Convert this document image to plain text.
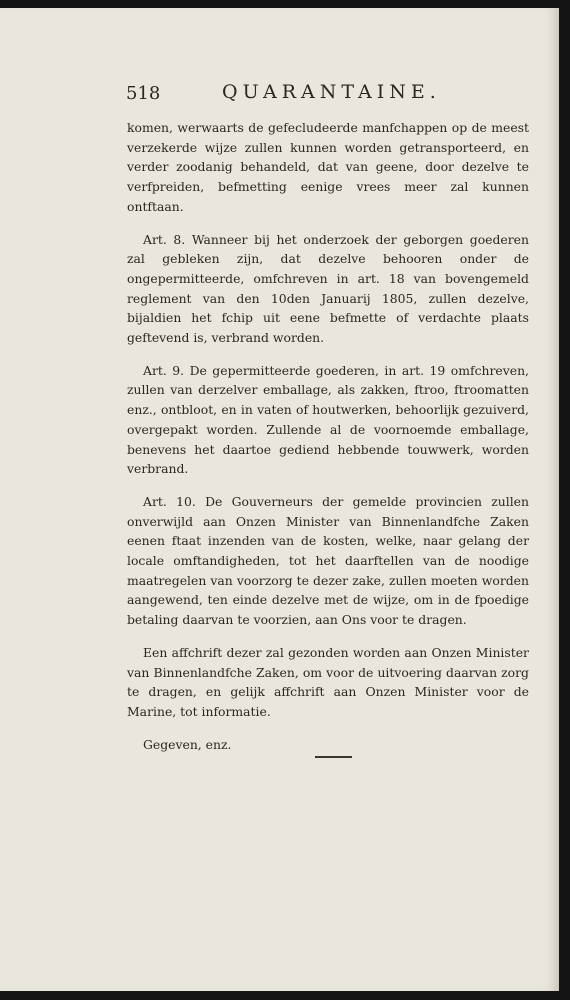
518	QUARANTAINE.

komen, werwaarts de gefecludeerde manfchappen op de meest verzekerde wijze zullen kunnen worden getransporteerd, en verder zoodanig behandeld, dat van geene, door dezelve te verfpreiden, befmetting eenige vrees meer zal kunnen ontftaan.

Art. 8. Wanneer bij het onderzoek der geborgen goederen zal gebleken zijn, dat dezelve behooren onder de ongepermitteerde, omfchreven in art. 18 van bovengemeld reglement van den 10den Januarij 1805, zullen dezelve, bijaldien het fchip uit eene befmette of verdachte plaats geftevend is, verbrand worden.

Art. 9. De gepermitteerde goederen, in art. 19 omfchreven, zullen van derzelver emballage, als zakken, ftroo, ftroomatten enz., ontbloot, en in vaten of houtwerken, behoorlijk gezuiverd, overgepakt worden. Zullende al de voornoemde emballage, benevens het daartoe gediend hebbende touwwerk, worden verbrand.

Art. 10. De Gouverneurs der gemelde provincien zullen onverwijld aan Onzen Minister van Binnenlandfche Zaken eenen ftaat inzenden van de kosten, welke, naar gelang der locale omftandigheden, tot het daarftellen van de noodige maatregelen van voorzorg te dezer zake, zullen moeten worden aangewend, ten einde dezelve met de wijze, om in de fpoedige betaling daarvan te voorzien, aan Ons voor te dragen.

Een affchrift dezer zal gezonden worden aan Onzen Minister van Binnenlandfche Zaken, om voor de uitvoering daarvan zorg te dragen, en gelijk affchrift aan Onzen Minister voor de Marine, tot informatie.

Gegeven, enz.
